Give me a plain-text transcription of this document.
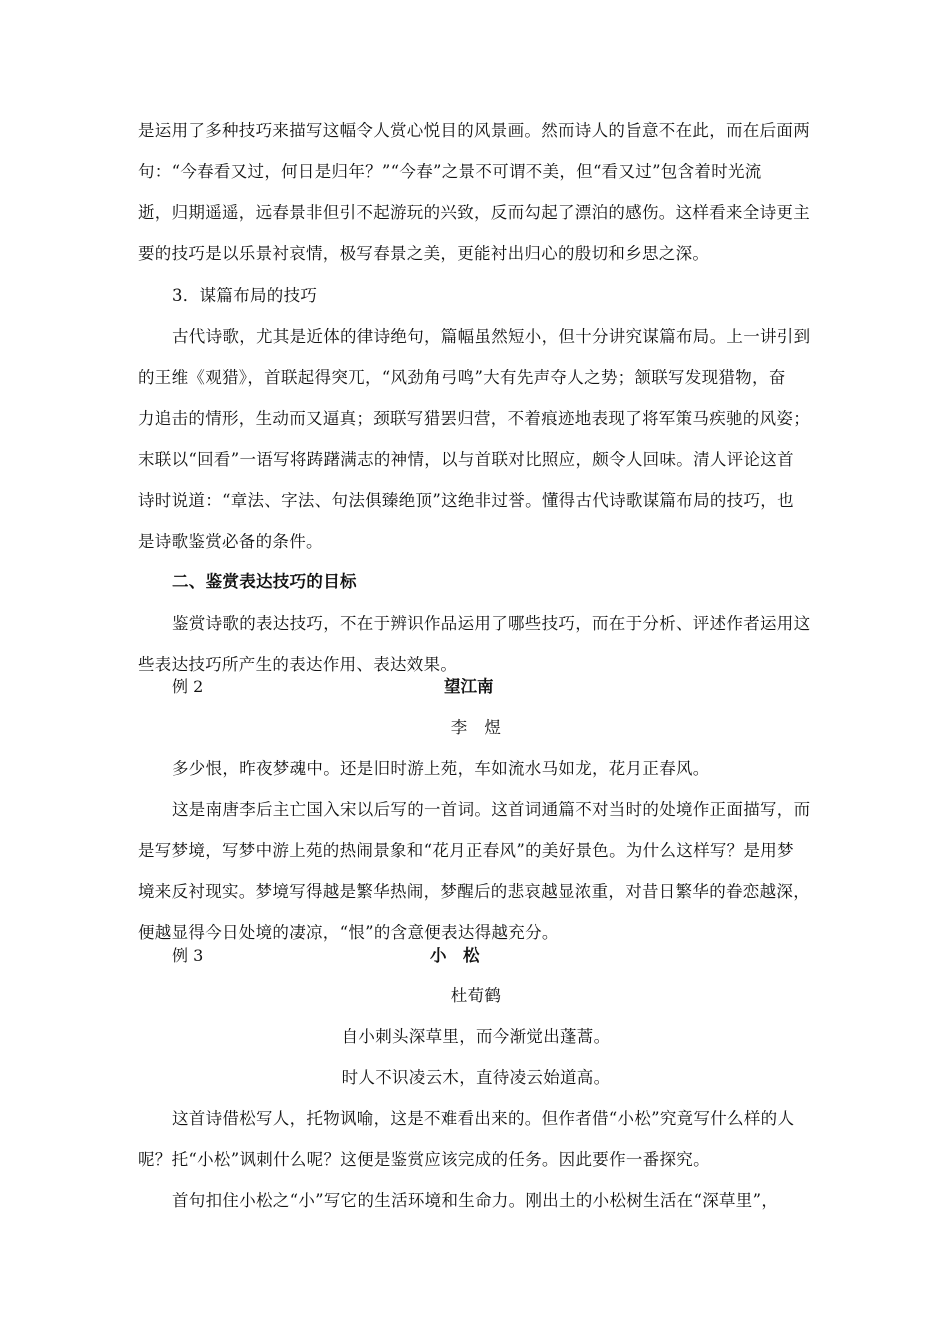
是运用了多种技巧来描写这幅令人赏心悦目的风景画。然而诗人的旨意不在此，而在后面两
句：“今春看又过，何日是归年？”“今春”之景不可谓不美，但“看又过”包含着时光流
逝，归期遥遥，远春景非但引不起游玩的兴致，反而勾起了漂泊的感伤。这样看来全诗更主
要的技巧是以乐景衬哀情，极写春景之美，更能衬出归心的殷切和乡思之深。
3．谋篇布局的技巧
古代诗歌，尤其是近体的律诗绝句，篇幅虽然短小，但十分讲究谋篇布局。上一讲引到
的王维《观猎》，首联起得突兀，“风劲角弓鸣”大有先声夺人之势；颔联写发现猎物，奋
力追击的情形，生动而又逼真；颈联写猎罢归营，不着痕迹地表现了将军策马疾驰的风姿；
末联以“回看”一语写将踌躇满志的神情，以与首联对比照应，颇令人回味。清人评论这首
诗时说道：“章法、字法、句法俱臻绝顶”这绝非过誉。懂得古代诗歌谋篇布局的技巧，也
是诗歌鉴赏必备的条件。
二、鉴赏表达技巧的目标
鉴赏诗歌的表达技巧，不在于辨识作品运用了哪些技巧，而在于分析、评述作者运用这
些表达技巧所产生的表达作用、表达效果。
例 2	望江南
李　煜
多少恨，昨夜梦魂中。还是旧时游上苑，车如流水马如龙，花月正春风。
这是南唐李后主亡国入宋以后写的一首词。这首词通篇不对当时的处境作正面描写，而
是写梦境，写梦中游上苑的热闹景象和“花月正春风”的美好景色。为什么这样写？是用梦
境来反衬现实。梦境写得越是繁华热闹，梦醒后的悲哀越显浓重，对昔日繁华的眷恋越深，
便越显得今日处境的凄凉，“恨”的含意便表达得越充分。
例 3	小　松
杜荀鹤
自小刺头深草里，而今渐觉出蓬蒿。
时人不识凌云木，直待凌云始道高。
这首诗借松写人，托物讽喻，这是不难看出来的。但作者借“小松”究竟写什么样的人
呢？托“小松”讽刺什么呢？这便是鉴赏应该完成的任务。因此要作一番探究。
首句扣住小松之“小”写它的生活环境和生命力。刚出土的小松树生活在“深草里”，
